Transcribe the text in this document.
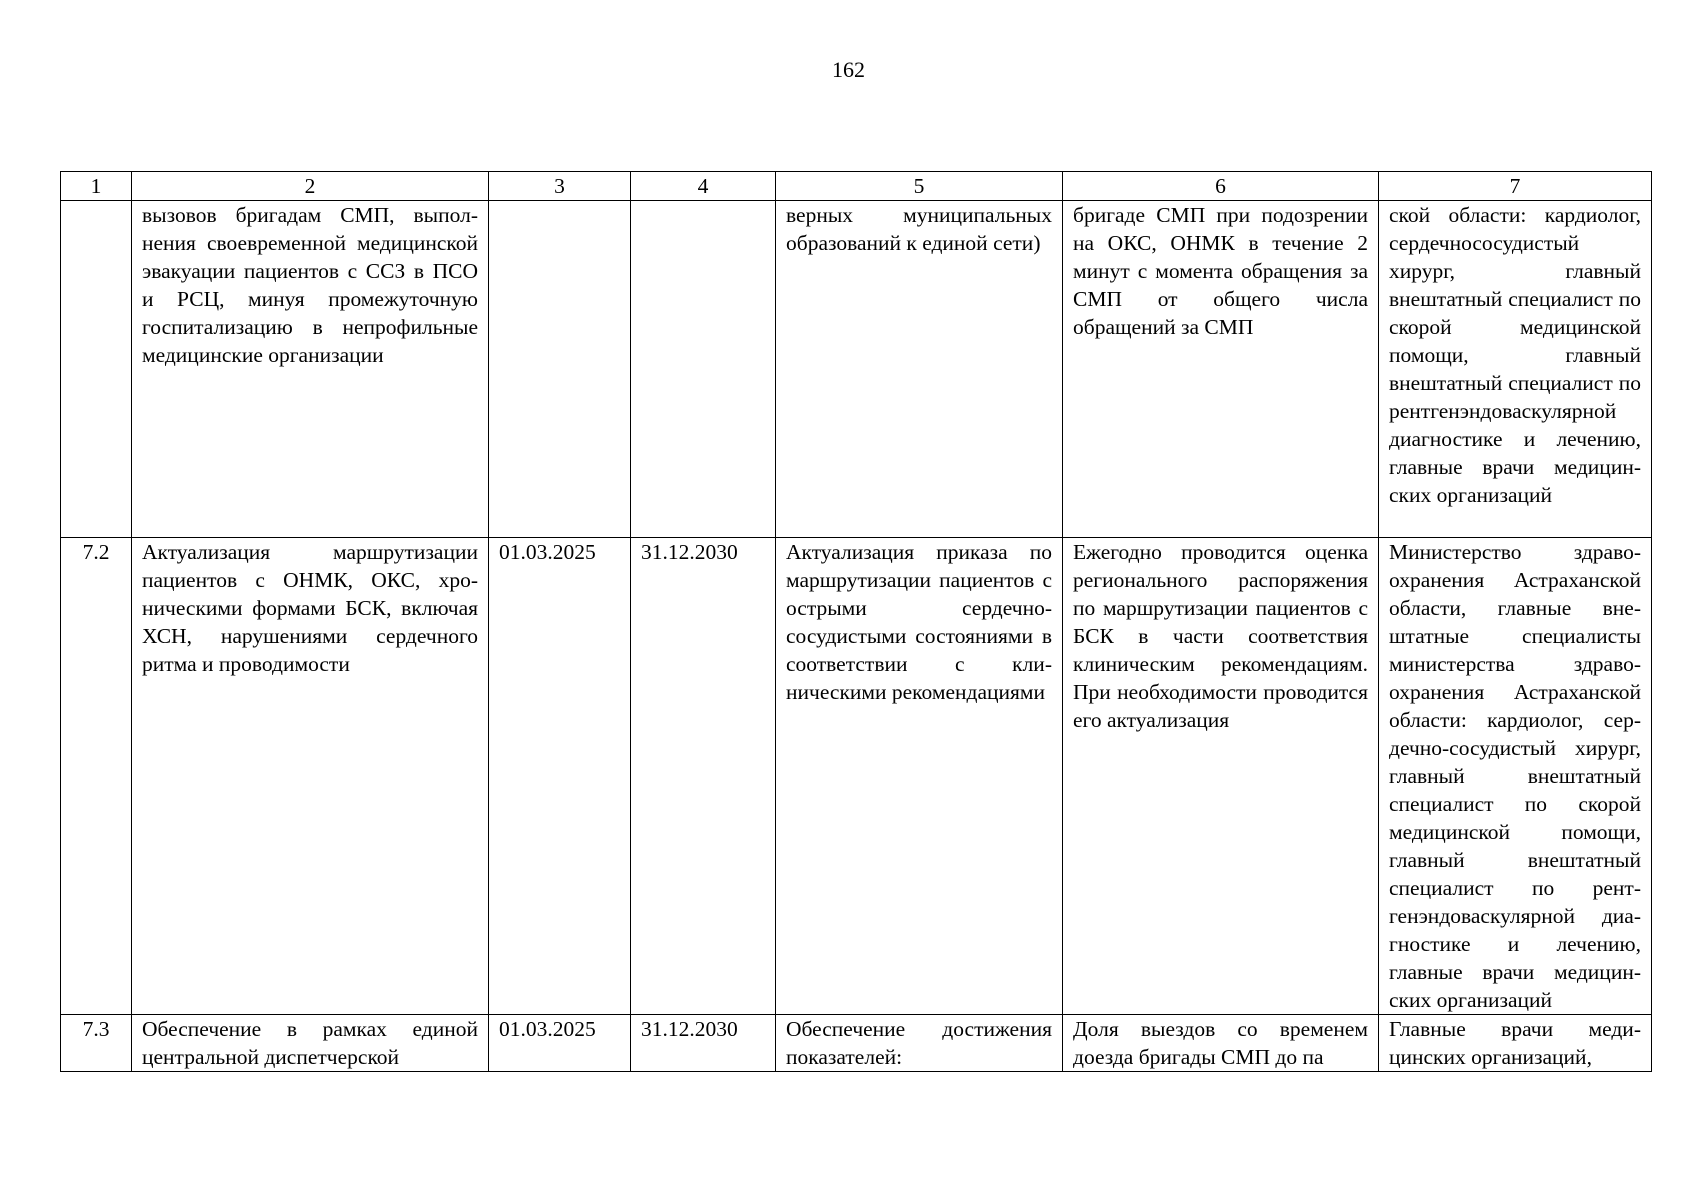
162
1	2	3	4	5	6	7
	вызовов бригадам СМП, выполнения своевременной медицинской эвакуации пациентов с ССЗ в ПСО и РСЦ, минуя промежуточную госпитализацию в непрофильные медицинские организации			верных муниципальных образований к единой сети)	бригаде СМП при подозрении на ОКС, ОНМК в течение 2 минут с момента обращения за СМП от общего числа обращений за СМП	ской области: кардиолог, сердечнососудистый хирург, главный внештатный специалист по скорой медицинской помощи, главный внештатный специалист по рентгенэндоваскулярной диагностике и лечению, главные врачи медицинских организаций
7.2	Актуализация маршрутизации пациентов с ОНМК, ОКС, хроническими формами БСК, включая ХСН, нарушениями сердечного ритма и проводимости	01.03.2025	31.12.2030	Актуализация приказа по маршрутизации пациентов с острыми сердечнососудистыми состояниями в соответствии с клиническими рекомендациями	Ежегодно проводится оценка регионального распоряжения по маршрутизации пациентов с БСК в части соответствия клиническим рекомендациям. При необходимости проводится его актуализация	Министерство здравоохранения Астраханской области, главные внештатные специалисты министерства здравоохранения Астраханской области: кардиолог, сердечно-сосудистый хирург, главный внештатный специалист по скорой медицинской помощи, главный внештатный специалист по рентгенэндоваскулярной диагностике и лечению, главные врачи медицинских организаций
7.3	Обеспечение в рамках единой центральной диспетчерской	01.03.2025	31.12.2030	Обеспечение достижения показателей:	Доля выездов со временем доезда бригады СМП до па	Главные врачи медицинских организаций,
